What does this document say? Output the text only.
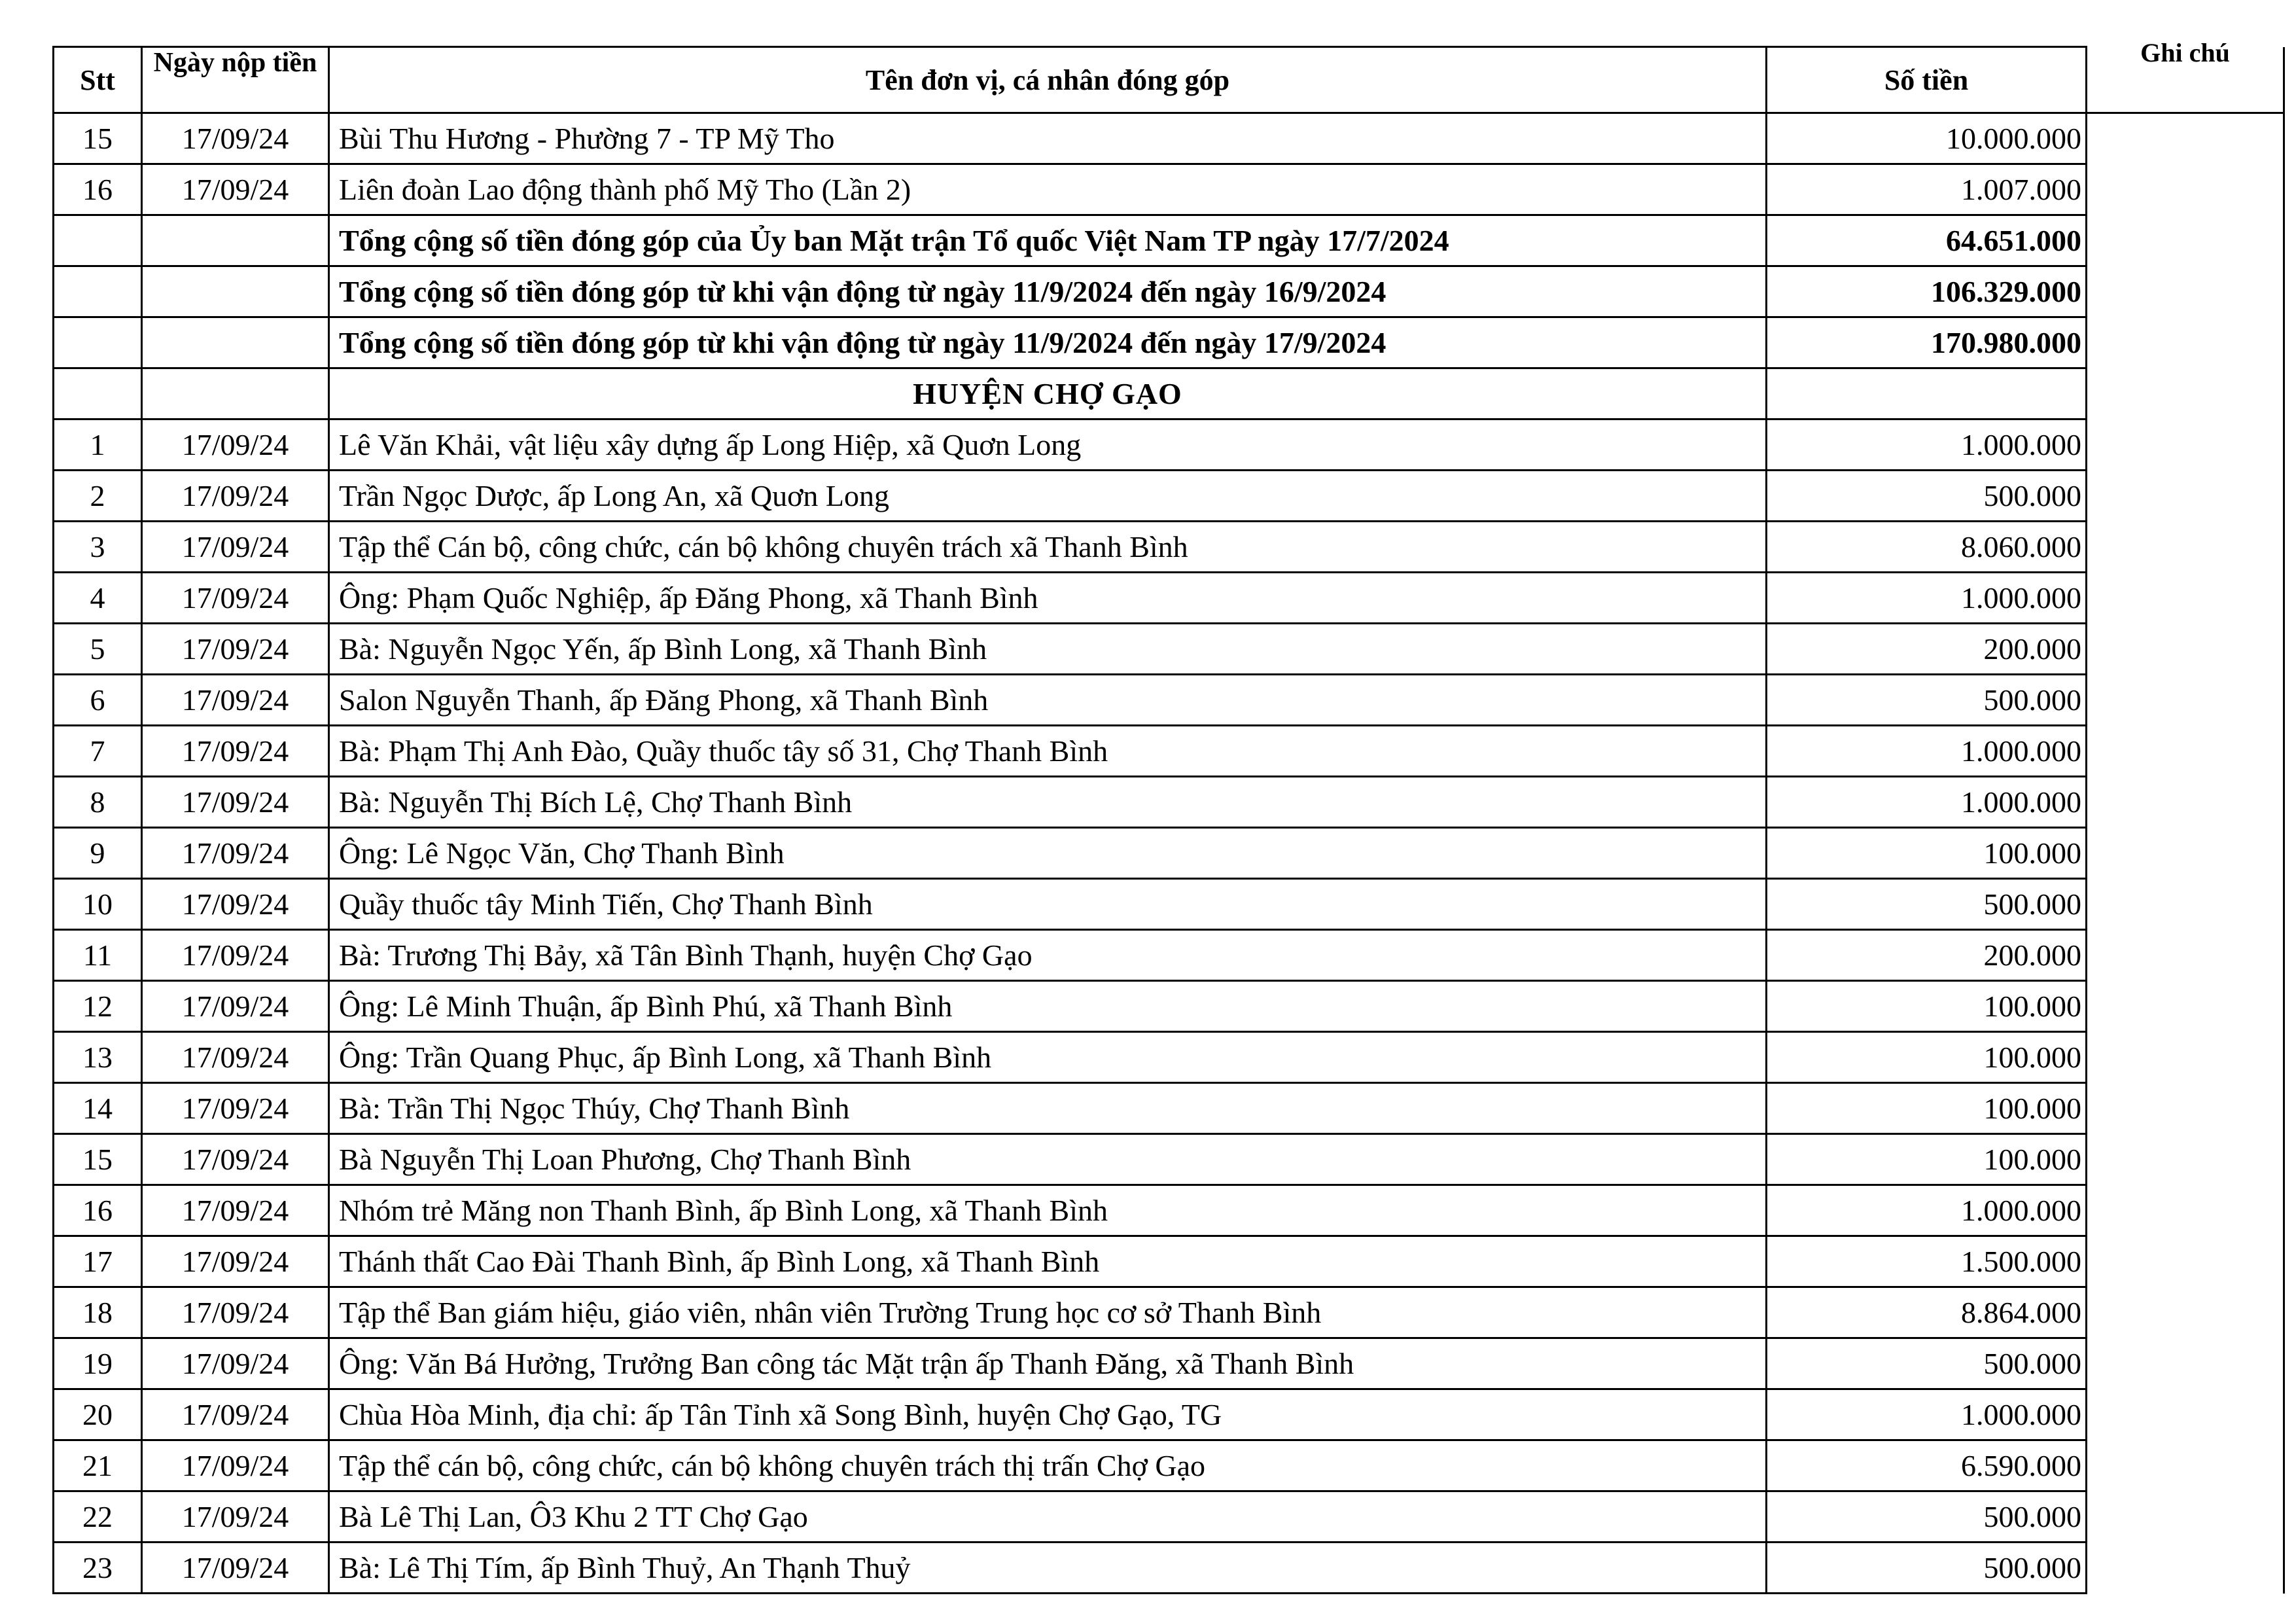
Stt	Ngày nộp tiền	Tên đơn vị, cá nhân đóng góp	Số tiền	Ghi chú

15	17/09/24	Bùi Thu Hương - Phường 7 - TP Mỹ Tho	10.000.000	
16	17/09/24	Liên đoàn Lao động thành phố Mỹ Tho (Lần 2)	1.007.000	
		Tổng cộng số tiền đóng góp của Ủy ban Mặt trận Tổ quốc Việt Nam TP ngày 17/7/2024	64.651.000	
		Tổng cộng số tiền đóng góp từ khi vận động từ ngày 11/9/2024 đến ngày 16/9/2024	106.329.000	
		Tổng cộng số tiền đóng góp từ khi vận động từ ngày 11/9/2024 đến ngày 17/9/2024	170.980.000	
		HUYỆN CHỢ GẠO		
1	17/09/24	Lê Văn Khải, vật liệu xây dựng ấp Long Hiệp, xã Quơn Long	1.000.000	
2	17/09/24	Trần Ngọc Dược, ấp Long An, xã Quơn Long	500.000	
3	17/09/24	Tập thể Cán bộ, công chức, cán bộ không chuyên trách xã Thanh Bình	8.060.000	
4	17/09/24	Ông: Phạm Quốc Nghiệp, ấp Đăng Phong, xã Thanh Bình	1.000.000	
5	17/09/24	Bà: Nguyễn Ngọc Yến, ấp Bình Long, xã Thanh Bình	200.000	
6	17/09/24	Salon Nguyễn Thanh, ấp Đăng Phong, xã Thanh Bình	500.000	
7	17/09/24	Bà: Phạm Thị Anh Đào, Quầy thuốc tây số 31, Chợ Thanh Bình	1.000.000	
8	17/09/24	Bà: Nguyễn Thị Bích Lệ, Chợ Thanh Bình	1.000.000	
9	17/09/24	Ông: Lê Ngọc Văn, Chợ Thanh Bình	100.000	
10	17/09/24	Quầy thuốc tây Minh Tiến, Chợ Thanh Bình	500.000	
11	17/09/24	Bà: Trương Thị Bảy, xã Tân Bình Thạnh, huyện Chợ Gạo	200.000	
12	17/09/24	Ông: Lê Minh Thuận, ấp Bình Phú, xã Thanh Bình	100.000	
13	17/09/24	Ông: Trần Quang Phục, ấp Bình Long, xã Thanh Bình	100.000	
14	17/09/24	Bà: Trần Thị Ngọc Thúy, Chợ Thanh Bình	100.000	
15	17/09/24	Bà Nguyễn Thị Loan Phương, Chợ Thanh Bình	100.000	
16	17/09/24	Nhóm trẻ Măng non Thanh Bình, ấp Bình Long, xã Thanh Bình	1.000.000	
17	17/09/24	Thánh thất Cao Đài Thanh Bình, ấp Bình Long, xã Thanh Bình	1.500.000	
18	17/09/24	Tập thể Ban giám hiệu, giáo viên, nhân viên Trường Trung học cơ sở Thanh Bình	8.864.000	
19	17/09/24	Ông: Văn Bá Hưởng, Trưởng Ban công tác Mặt trận ấp Thanh Đăng, xã Thanh Bình	500.000	
20	17/09/24	Chùa Hòa Minh, địa chỉ: ấp Tân Tỉnh xã Song Bình, huyện Chợ Gạo, TG	1.000.000	
21	17/09/24	Tập thể cán bộ, công chức, cán bộ không chuyên trách thị trấn Chợ Gạo	6.590.000	
22	17/09/24	Bà Lê Thị Lan, Ô3 Khu 2 TT Chợ Gạo	500.000	
23	17/09/24	Bà: Lê Thị Tím, ấp Bình Thuỷ, An Thạnh Thuỷ	500.000	
